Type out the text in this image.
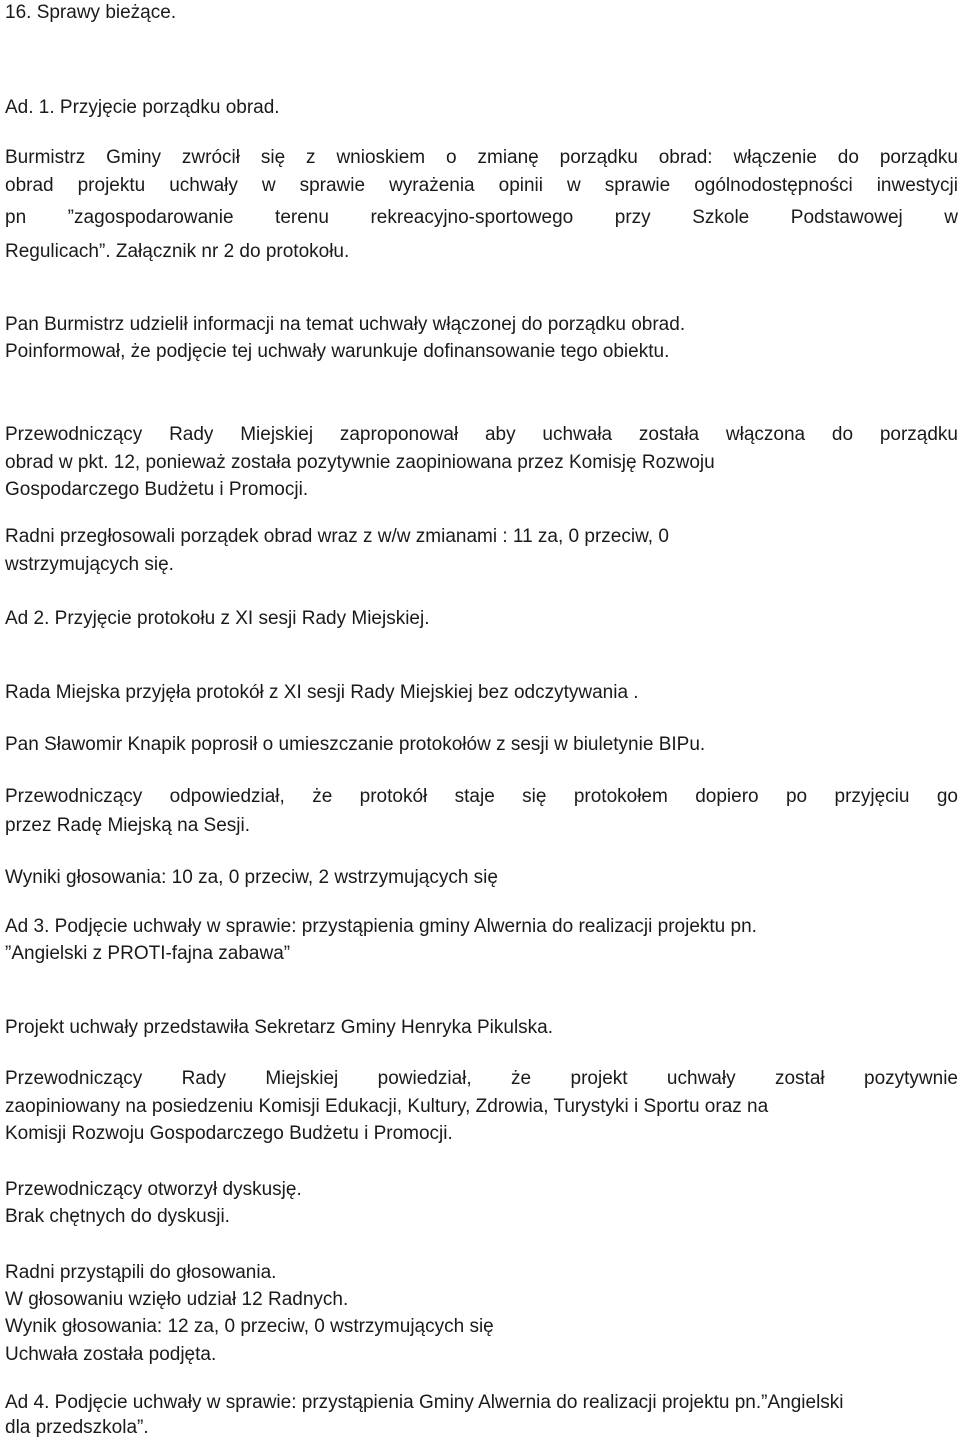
16. Sprawy bieżące.

Ad. 1. Przyjęcie porządku obrad.

Burmistrz Gminy zwrócił się z wnioskiem o zmianę porządku obrad: włączenie do porządku

obrad projektu uchwały w sprawie wyrażenia opinii w sprawie ogólnodostępności inwestycji

pn ”zagospodarowanie terenu rekreacyjno-sportowego przy Szkole Podstawowej w

Regulicach”. Załącznik nr 2 do protokołu.

Pan Burmistrz udzielił informacji na temat uchwały włączonej do porządku obrad.

Poinformował, że podjęcie tej uchwały warunkuje dofinansowanie tego obiektu.

Przewodniczący Rady Miejskiej zaproponował aby uchwała została włączona do porządku

obrad w pkt. 12, ponieważ została pozytywnie zaopiniowana przez Komisję Rozwoju

Gospodarczego Budżetu i Promocji.

Radni przegłosowali porządek obrad wraz z w/w zmianami : 11 za, 0 przeciw, 0

wstrzymujących się.

Ad 2. Przyjęcie protokołu z XI sesji Rady Miejskiej.

Rada Miejska przyjęła protokół z XI sesji Rady Miejskiej bez odczytywania .

Pan Sławomir Knapik poprosił o umieszczanie protokołów z sesji w biuletynie BIPu.

Przewodniczący odpowiedział, że protokół staje się protokołem dopiero po przyjęciu go

przez Radę Miejską na Sesji.

Wyniki głosowania: 10 za, 0 przeciw, 2 wstrzymujących się

Ad 3. Podjęcie uchwały w sprawie: przystąpienia gminy Alwernia do realizacji projektu pn.

”Angielski z PROTI-fajna zabawa”

Projekt uchwały przedstawiła Sekretarz Gminy Henryka Pikulska.

Przewodniczący Rady Miejskiej powiedział, że projekt uchwały został pozytywnie

zaopiniowany na posiedzeniu Komisji Edukacji, Kultury, Zdrowia, Turystyki i Sportu oraz na

Komisji Rozwoju Gospodarczego Budżetu i Promocji.

Przewodniczący otworzył dyskusję.

Brak chętnych do dyskusji.

Radni przystąpili do głosowania.

W głosowaniu wzięło udział 12 Radnych.

Wynik głosowania: 12 za, 0 przeciw, 0 wstrzymujących się

Uchwała została podjęta.

Ad 4. Podjęcie uchwały w sprawie: przystąpienia Gminy Alwernia do realizacji projektu pn.”Angielski

dla przedszkola”.
